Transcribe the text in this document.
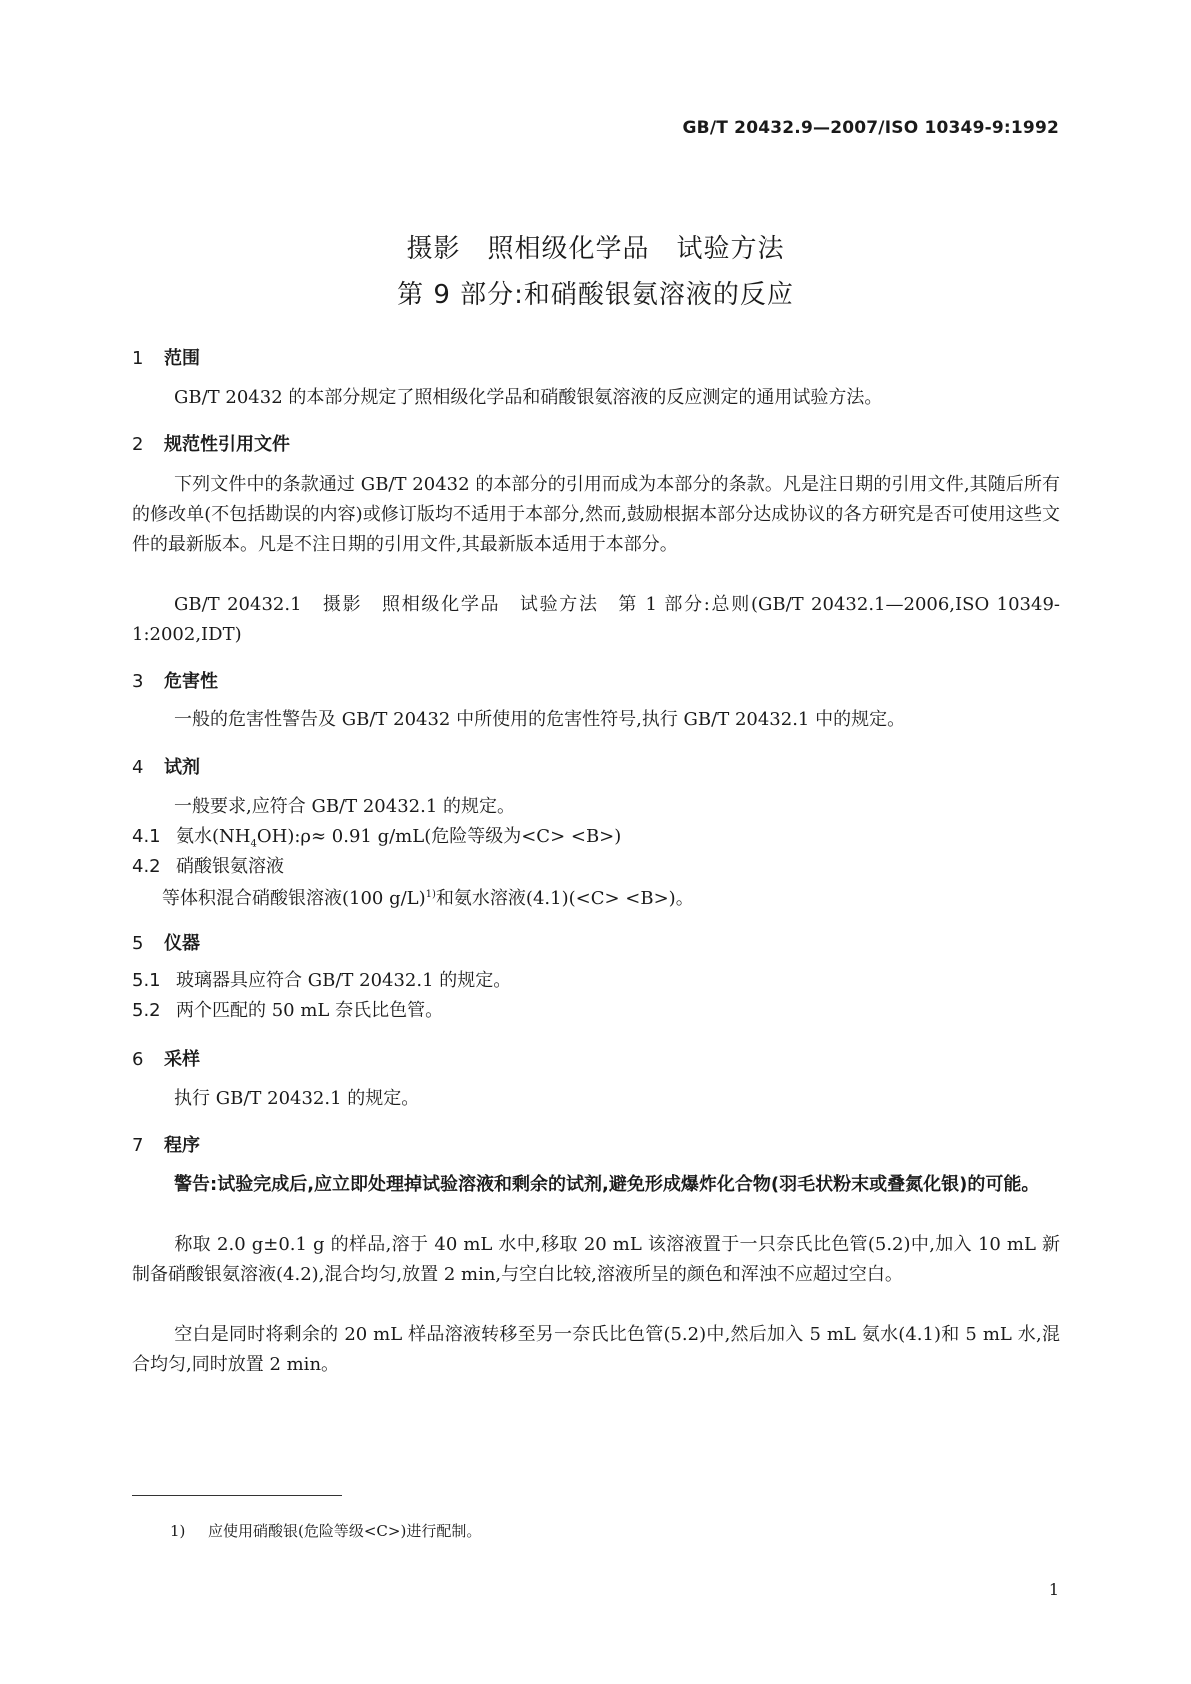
GB/T 20432.9—2007/ISO 10349-9:1992
摄影　照相级化学品　试验方法
第 9 部分:和硝酸银氨溶液的反应
1 范围
GB/T 20432 的本部分规定了照相级化学品和硝酸银氨溶液的反应测定的通用试验方法。
2 规范性引用文件
下列文件中的条款通过 GB/T 20432 的本部分的引用而成为本部分的条款。凡是注日期的引用文件,其随后所有的修改单(不包括勘误的内容)或修订版均不适用于本部分,然而,鼓励根据本部分达成协议的各方研究是否可使用这些文件的最新版本。凡是不注日期的引用文件,其最新版本适用于本部分。
GB/T 20432.1　摄影　照相级化学品　试验方法　第 1 部分:总则(GB/T 20432.1—2006,ISO 10349-1:2002,IDT)
3 危害性
一般的危害性警告及 GB/T 20432 中所使用的危害性符号,执行 GB/T 20432.1 中的规定。
4 试剂
一般要求,应符合 GB/T 20432.1 的规定。
4.1 氨水$(NH_4OH):\rho\approx 0.91$ g/mL(危险等级为<C> <B>)
4.2 硝酸银氨溶液
等体积混合硝酸银溶液(100 g/L)$^{1)}$和氨水溶液(4.1)(<C> <B>)。
5 仪器
5.1 玻璃器具应符合 GB/T 20432.1 的规定。
5.2 两个匹配的 50 mL 奈氏比色管。
6 采样
执行 GB/T 20432.1 的规定。
7 程序
警告:试验完成后,应立即处理掉试验溶液和剩余的试剂,避免形成爆炸化合物(羽毛状粉末或叠氮化银)的可能。
称取 2.0 g±0.1 g 的样品,溶于 40 mL 水中,移取 20 mL 该溶液置于一只奈氏比色管(5.2)中,加入 10 mL 新制备硝酸银氨溶液(4.2),混合均匀,放置 2 min,与空白比较,溶液所呈的颜色和浑浊不应超过空白。
空白是同时将剩余的 20 mL 样品溶液转移至另一奈氏比色管(5.2)中,然后加入 5 mL 氨水(4.1)和 5 mL 水,混合均匀,同时放置 2 min。
1) 应使用硝酸银(危险等级<C>)进行配制。
1
